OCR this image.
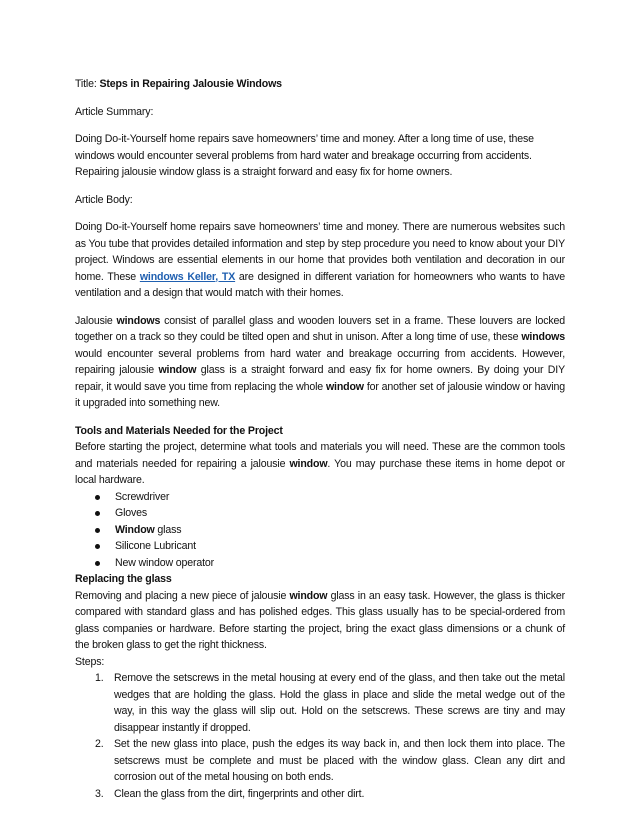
Title: Steps in Repairing Jalousie Windows

Article Summary:

Doing Do-it-Yourself home repairs save homeowners’ time and money. After a long time of use, these windows would encounter several problems from hard water and breakage occurring from accidents. Repairing jalousie window glass is a straight forward and easy fix for home owners.

Article Body:

Doing Do-it-Yourself home repairs save homeowners’ time and money. There are numerous websites such as You tube that provides detailed information and step by step procedure you need to know about your DIY project. Windows are essential elements in our home that provides both ventilation and decoration in our home. These windows Keller, TX are designed in different variation for homeowners who wants to have ventilation and a design that would match with their homes.

Jalousie windows consist of parallel glass and wooden louvers set in a frame. These louvers are locked together on a track so they could be tilted open and shut in unison. After a long time of use, these windows would encounter several problems from hard water and breakage occurring from accidents. However, repairing jalousie window glass is a straight forward and easy fix for home owners. By doing your DIY repair, it would save you time from replacing the whole window for another set of jalousie window or having it upgraded into something new.

Tools and Materials Needed for the Project

Before starting the project, determine what tools and materials you will need. These are the common tools and materials needed for repairing a jalousie window. You may purchase these items in home depot or local hardware.

Screwdriver
Gloves
Window glass
Silicone Lubricant
New window operator

Replacing the glass

Removing and placing a new piece of jalousie window glass in an easy task. However, the glass is thicker compared with standard glass and has polished edges. This glass usually has to be special-ordered from glass companies or hardware. Before starting the project, bring the exact glass dimensions or a chunk of the broken glass to get the right thickness.

Steps:

1. Remove the setscrews in the metal housing at every end of the glass, and then take out the metal wedges that are holding the glass. Hold the glass in place and slide the metal wedge out of the way, in this way the glass will slip out. Hold on the setscrews. These screws are tiny and may disappear instantly if dropped.
2. Set the new glass into place, push the edges its way back in, and then lock them into place. The setscrews must be complete and must be placed with the window glass. Clean any dirt and corrosion out of the metal housing on both ends.
3. Clean the glass from the dirt, fingerprints and other dirt.
